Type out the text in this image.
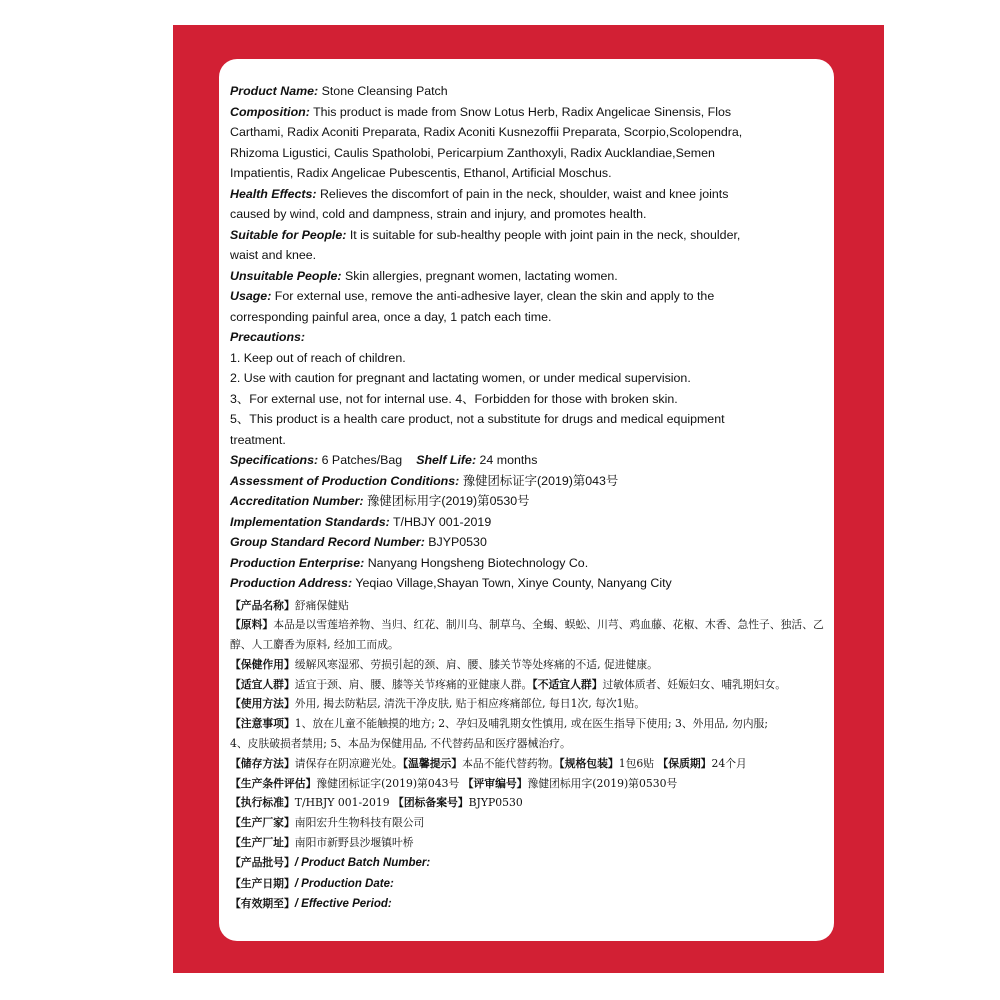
Product Name: Stone Cleansing Patch

Composition: This product is made from Snow Lotus Herb, Radix Angelicae Sinensis, Flos

Carthami, Radix Aconiti Preparata, Radix Aconiti Kusnezoffii Preparata, Scorpio,Scolopendra,

Rhizoma Ligustici, Caulis Spatholobi, Pericarpium Zanthoxyli, Radix Aucklandiae,Semen

Impatientis, Radix Angelicae Pubescentis, Ethanol, Artificial Moschus.

Health Effects: Relieves the discomfort of pain in the neck, shoulder, waist and knee joints

caused by wind, cold and dampness, strain and injury, and promotes health.

Suitable for People: It is suitable for sub-healthy people with joint pain in the neck, shoulder,

waist and knee.

Unsuitable People: Skin allergies, pregnant women, lactating women.

Usage: For external use, remove the anti-adhesive layer, clean the skin and apply to the

corresponding painful area, once a day, 1 patch each time.

Precautions:

1. Keep out of reach of children.

2. Use with caution for pregnant and lactating women, or under medical supervision.

3、For external use, not for internal use. 4、Forbidden for those with broken skin.

5、This product is a health care product, not a substitute for drugs and medical equipment

treatment.

Specifications: 6 Patches/Bag Shelf Life: 24 months

Assessment of Production Conditions: 豫健团标证字(2019)第043号

Accreditation Number: 豫健团标用字(2019)第0530号

Implementation Standards: T/HBJY 001-2019

Group Standard Record Number: BJYP0530

Production Enterprise: Nanyang Hongsheng Biotechnology Co.

Production Address: Yeqiao Village,Shayan Town, Xinye County, Nanyang City

【产品名称】舒痛保健贴

【原料】本品是以雪莲培养物、当归、红花、制川乌、制草乌、全蝎、蜈蚣、川芎、鸡血藤、花椒、木香、急性子、独活、乙

醇、人工麝香为原料, 经加工而成。

【保健作用】缓解风寒湿邪、劳损引起的颈、肩、腰、膝关节等处疼痛的不适, 促进健康。

【适宜人群】适宜于颈、肩、腰、膝等关节疼痛的亚健康人群。【不适宜人群】过敏体质者、妊娠妇女、哺乳期妇女。

【使用方法】外用, 揭去防粘层, 清洗干净皮肤, 贴于相应疼痛部位, 每日1次, 每次1贴。

【注意事项】1、放在儿童不能触摸的地方; 2、孕妇及哺乳期女性慎用, 或在医生指导下使用; 3、外用品, 勿内服;

4、皮肤破损者禁用; 5、本品为保健用品, 不代替药品和医疗器械治疗。

【储存方法】请保存在阴凉避光处。【温馨提示】本品不能代替药物。【规格包装】1包6贴 【保质期】24个月

【生产条件评估】豫健团标证字(2019)第043号 【评审编号】豫健团标用字(2019)第0530号

【执行标准】T/HBJY 001-2019 【团标备案号】BJYP0530

【生产厂家】南阳宏升生物科技有限公司

【生产厂址】南阳市新野县沙堰镇叶桥

【产品批号】/ Product Batch Number:

【生产日期】/ Production Date:

【有效期至】/ Effective Period:
